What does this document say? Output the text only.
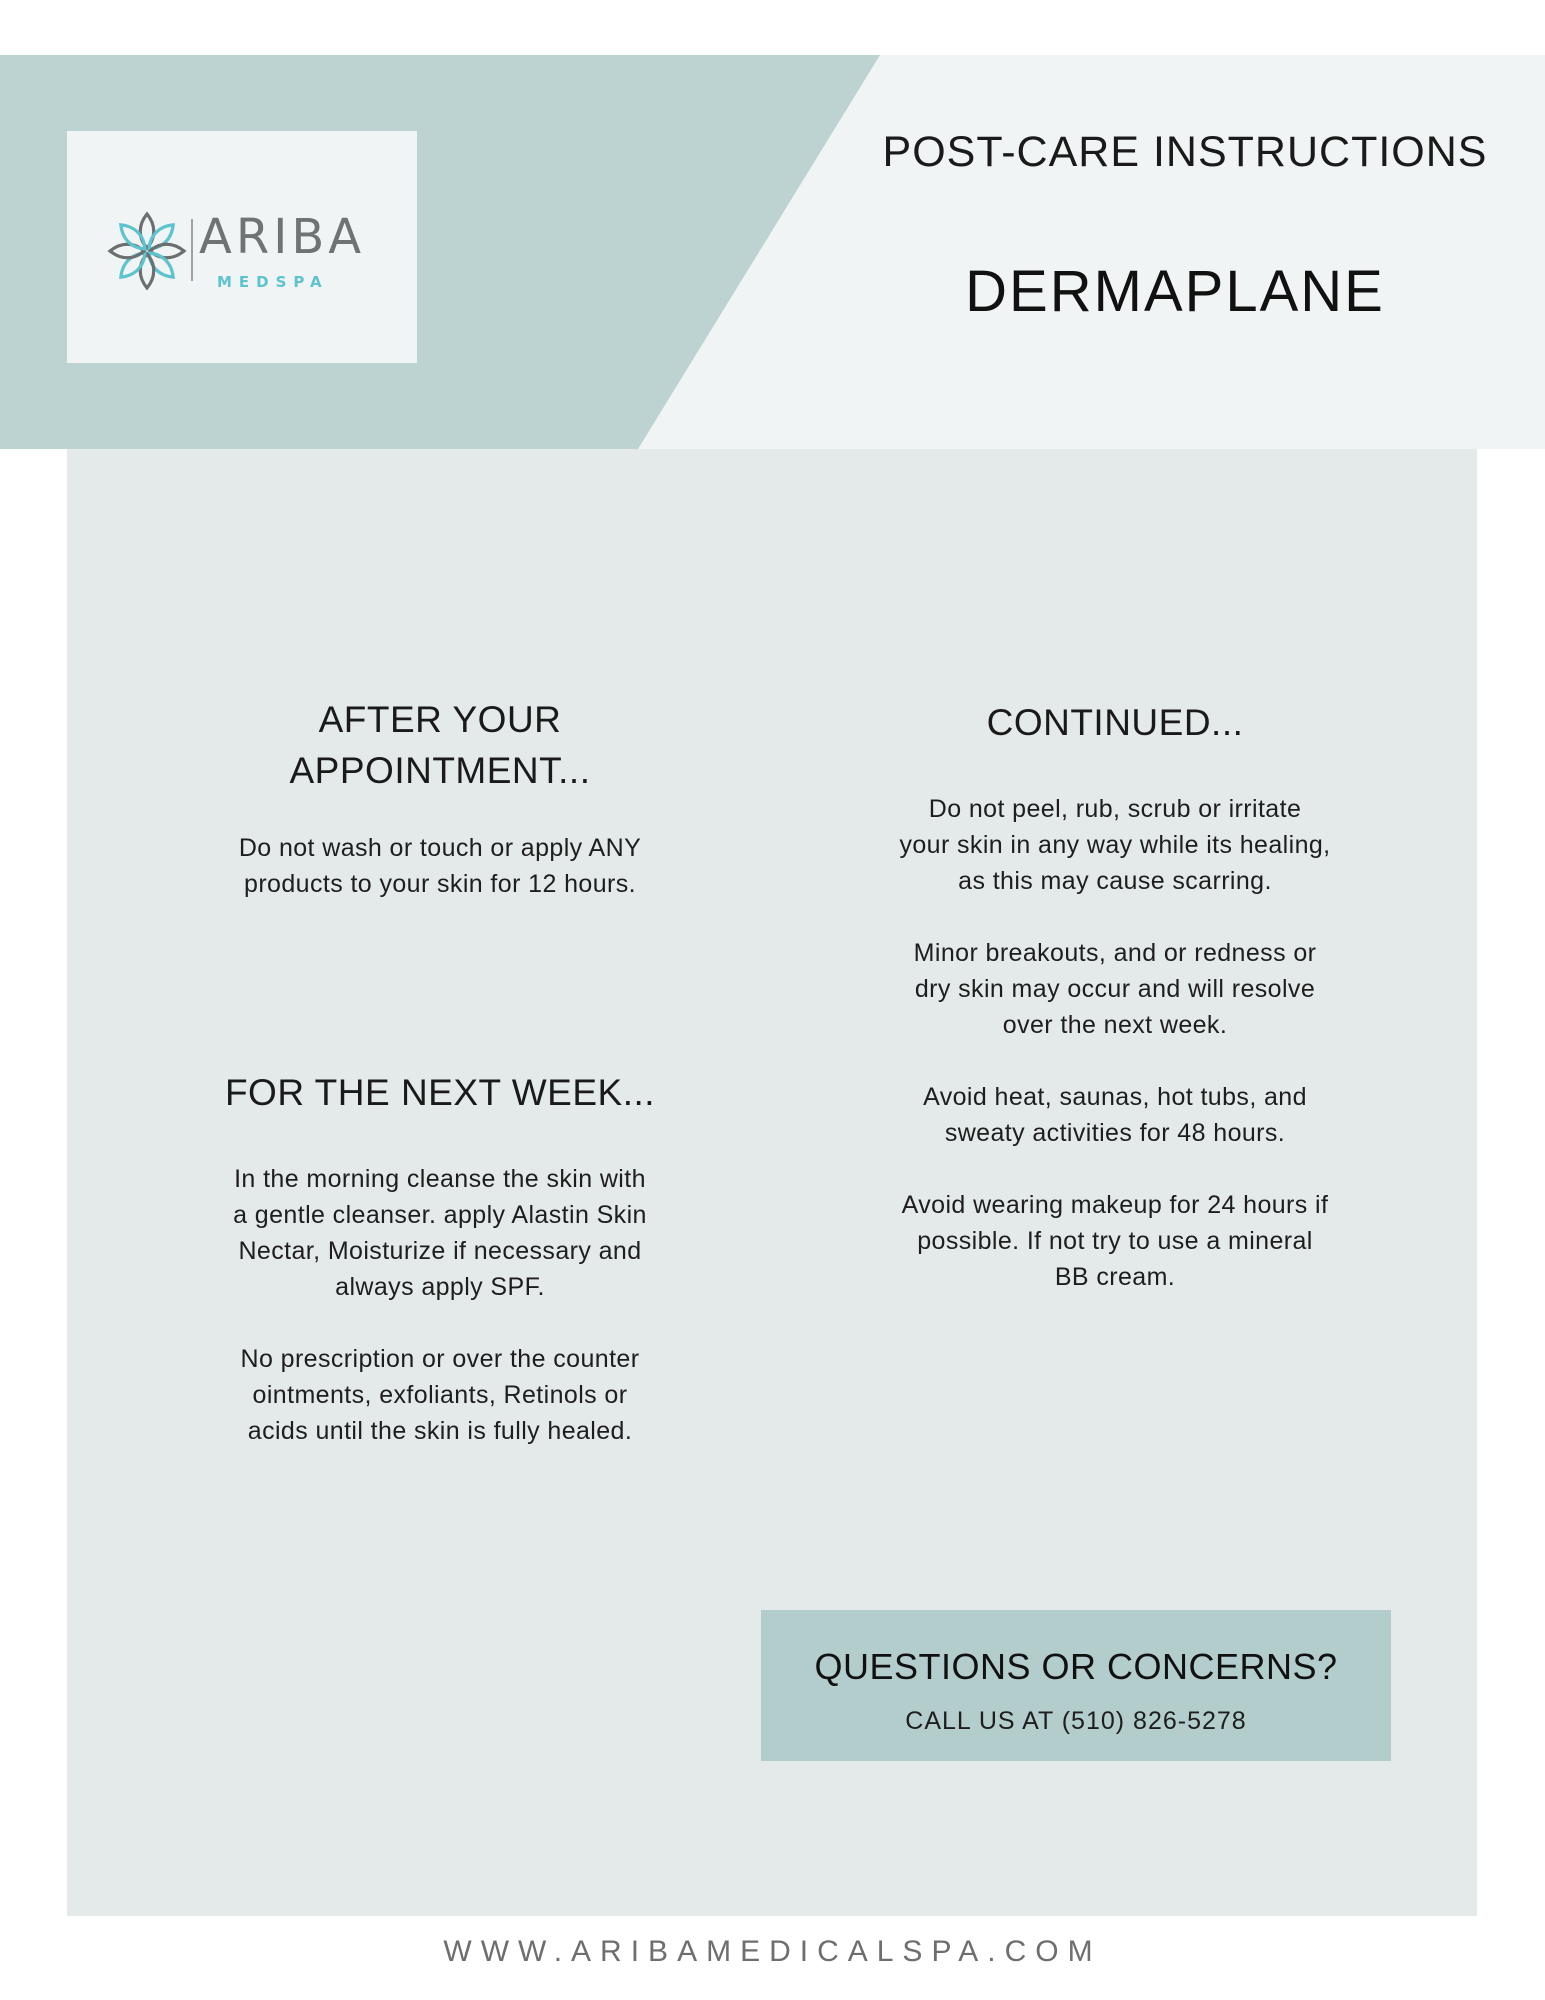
ARIBA
MEDSPA
POST-CARE INSTRUCTIONS
DERMAPLANE
AFTER YOUR
APPOINTMENT...

Do not wash or touch or apply ANY
products to your skin for 12 hours.

FOR THE NEXT WEEK...

In the morning cleanse the skin with
a gentle cleanser. apply Alastin Skin
Nectar, Moisturize if necessary and
always apply SPF.

No prescription or over the counter
ointments, exfoliants, Retinols or
acids until the skin is fully healed.

CONTINUED...

Do not peel, rub, scrub or irritate
your skin in any way while its healing,
as this may cause scarring.

Minor breakouts, and or redness or
dry skin may occur and will resolve
over the next week.

Avoid heat, saunas, hot tubs, and
sweaty activities for 48 hours.

Avoid wearing makeup for 24 hours if
possible. If not try to use a mineral
BB cream.

QUESTIONS OR CONCERNS?

CALL US AT (510) 826-5278

WWW.ARIBAMEDICALSPA.COM
